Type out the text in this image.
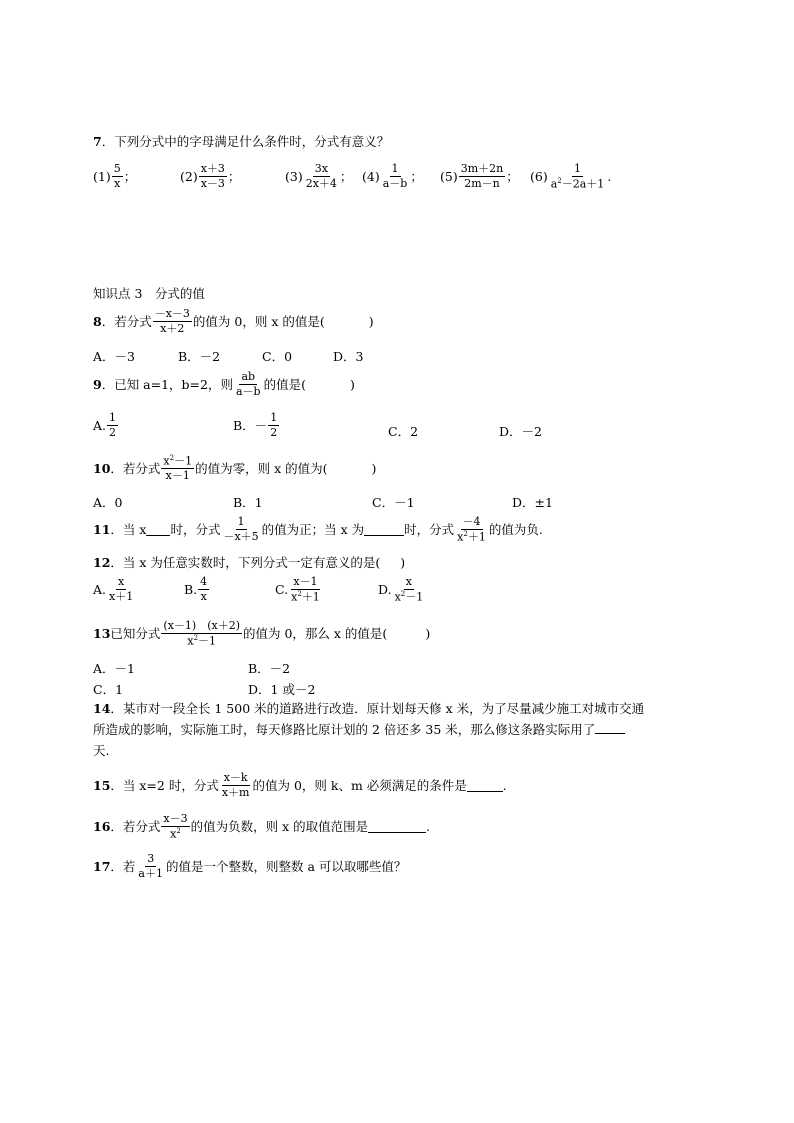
7 ．下列分式中的字母满足什么条件时，分式有意义？
$(1) \frac{5}{x}$ ；	$(2) \frac{x+3}{x-3}$ ；	$(3) \frac{3x}{2x+4}$ ； $(4) \frac{1}{a-b}$ ； $(5) \frac{3m+2n}{2m-n}$ ； $(6) \frac{1}{a^2-2a+1}$ .
知识点 3　分式的值
8 ．若分式 $\frac{-x-3}{x+2}$ 的值为 0，则 x 的值是(	)
A．－3	B．－2	C．0	D．3
9 ．已知 a=1，b=2，则 $\frac{ab}{a-b}$ 的值是(	)
A. $\frac{1}{2}$	B．－ $\frac{1}{2}$	C．2	D．－2
10 ．若分式 $\frac{x^2-1}{x-1}$ 的值为零，则 x 的值为(	)
A．0	B．1	C．－1	D．±1
11 ．当 x 时，分式 $\frac{1}{-x+5}$ 的值为正；当 x 为	时，分式 $\frac{-4}{x^2+1}$ 的值为负.
12 ．当 x 为任意实数时，下列分式一定有意义的是( )
A. $\frac{x}{x+1}$	B. $\frac{4}{x}$	C. $\frac{x-1}{x^2+1}$	D. $\frac{x}{x^2-1}$
13 已知分式 $\frac{(x-1) (x+2)}{x^2-1}$ 的值为 0，那么 x 的值是(	)
A．－1	B．－2
C．1	D．1 或－2
14．某市对一段全长 1 500 米的道路进行改造．原计划每天修 x 米，为了尽量减少施工对城市交通
所造成的影响，实际施工时，每天修路比原计划的 2 倍还多 35 米，那么修这条路实际用了
天.
15 ．当 x=2 时，分式 $\frac{x-k}{x+m}$ 的值为 0，则 k、m 必须满足的条件是	.
16 ．若分式 $\frac{x-3}{x^2}$ 的值为负数，则 x 的取值范围是	.
17 ．若 $\frac{3}{a+1}$ 的值是一个整数，则整数 a 可以取哪些值？
